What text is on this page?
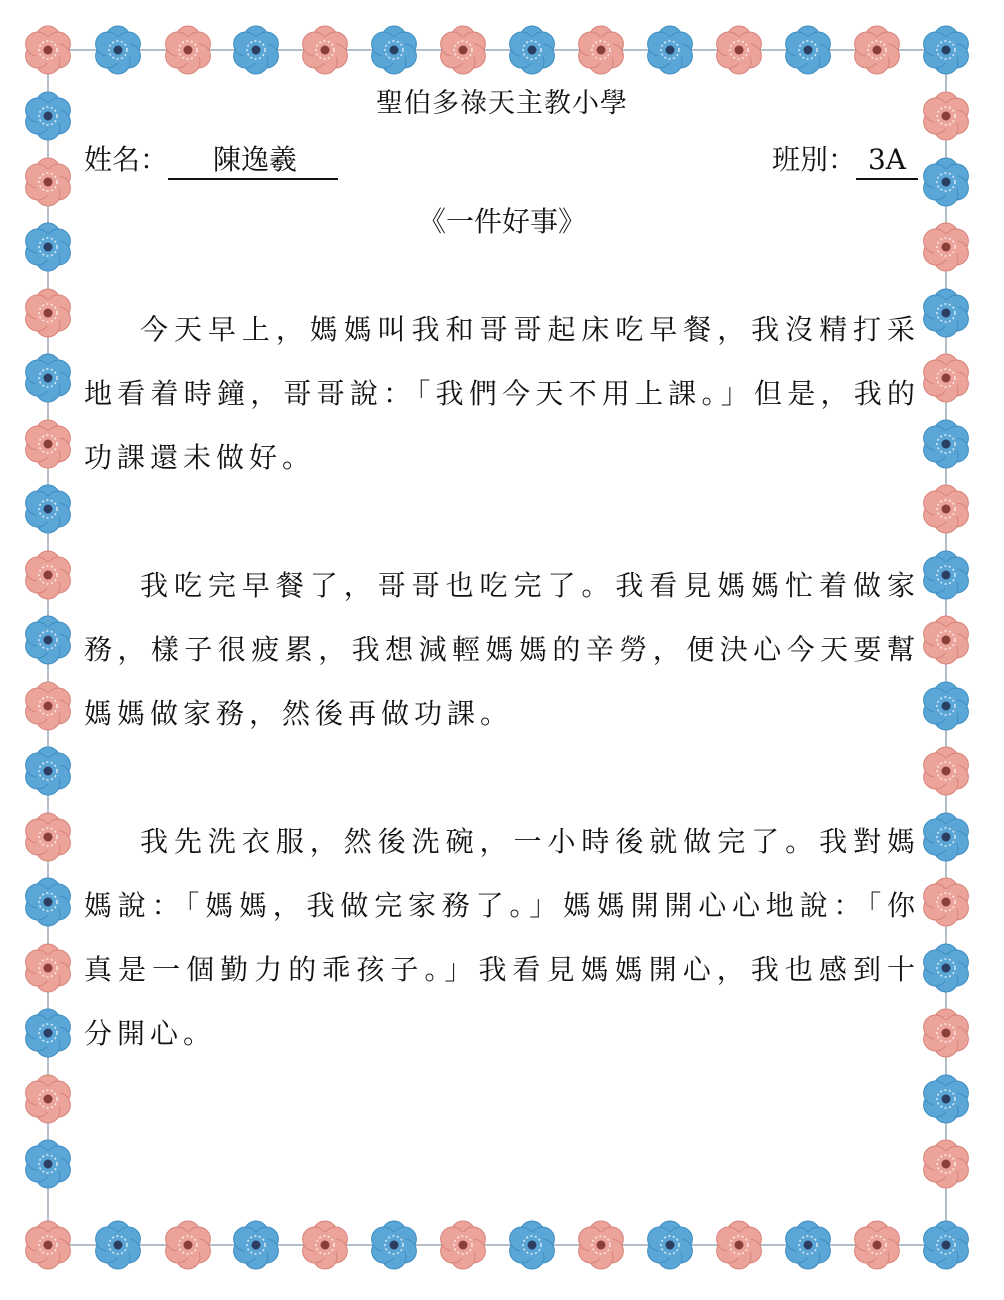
聖伯多祿天主教小學
姓名： 陳逸羲	班別： 3A
《一件好事》

今天早上，媽媽叫我和哥哥起床吃早餐，我沒精打采地看着時鐘，哥哥說：「我們今天不用上課。」但是，我的功課還未做好。

我吃完早餐了，哥哥也吃完了。我看見媽媽忙着做家務，樣子很疲累，我想減輕媽媽的辛勞，便決心今天要幫媽媽做家務，然後再做功課。

我先洗衣服，然後洗碗，一小時後就做完了。我對媽媽說：「媽媽，我做完家務了。」媽媽開開心心地說：「你真是一個勤力的乖孩子。」我看見媽媽開心，我也感到十分開心。
